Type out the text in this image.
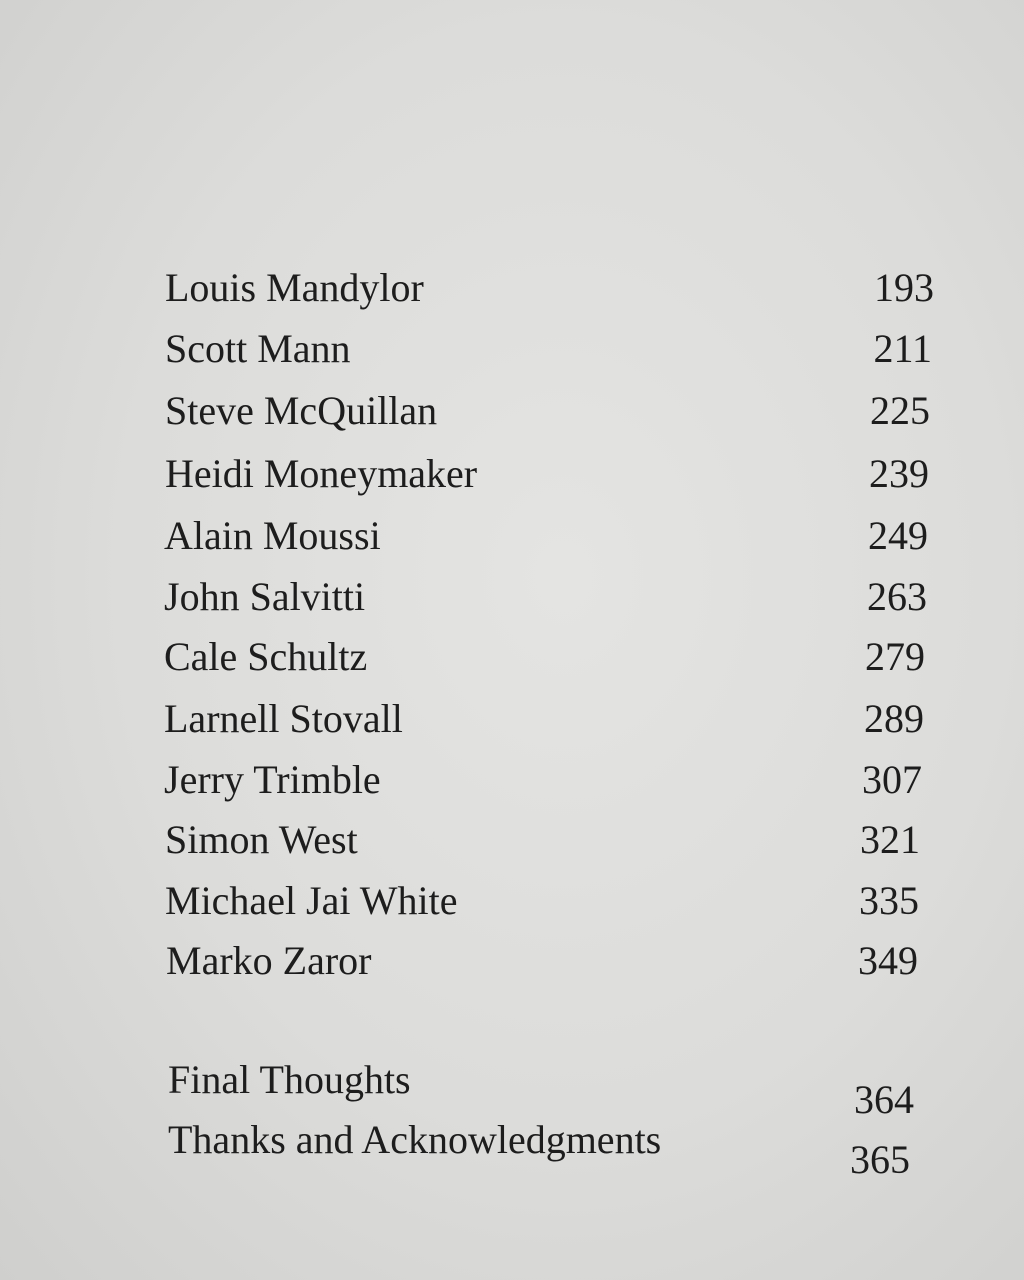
Louis Mandylor	193
Scott Mann	211
Steve McQuillan	225
Heidi Moneymaker	239
Alain Moussi	249
John Salvitti	263
Cale Schultz	279
Larnell Stovall	289
Jerry Trimble	307
Simon West	321
Michael Jai White	335
Marko Zaror	349
Final Thoughts	364
Thanks and Acknowledgments	365
